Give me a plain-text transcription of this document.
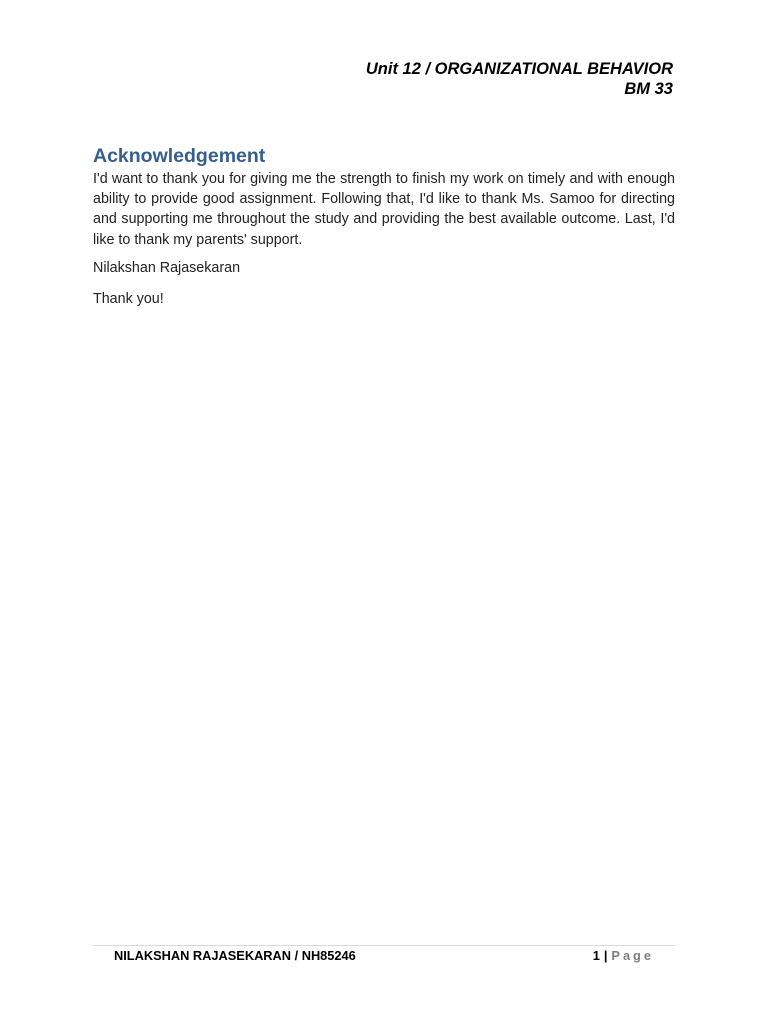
Unit 12 / ORGANIZATIONAL BEHAVIOR
BM 33
Acknowledgement

I'd want to thank you for giving me the strength to finish my work on timely and with enough ability to provide good assignment. Following that, I'd like to thank Ms. Samoo for directing and supporting me throughout the study and providing the best available outcome. Last, I'd like to thank my parents' support.

Nilakshan Rajasekaran

Thank you!

NILAKSHAN RAJASEKARAN / NH85246	1 | Page
